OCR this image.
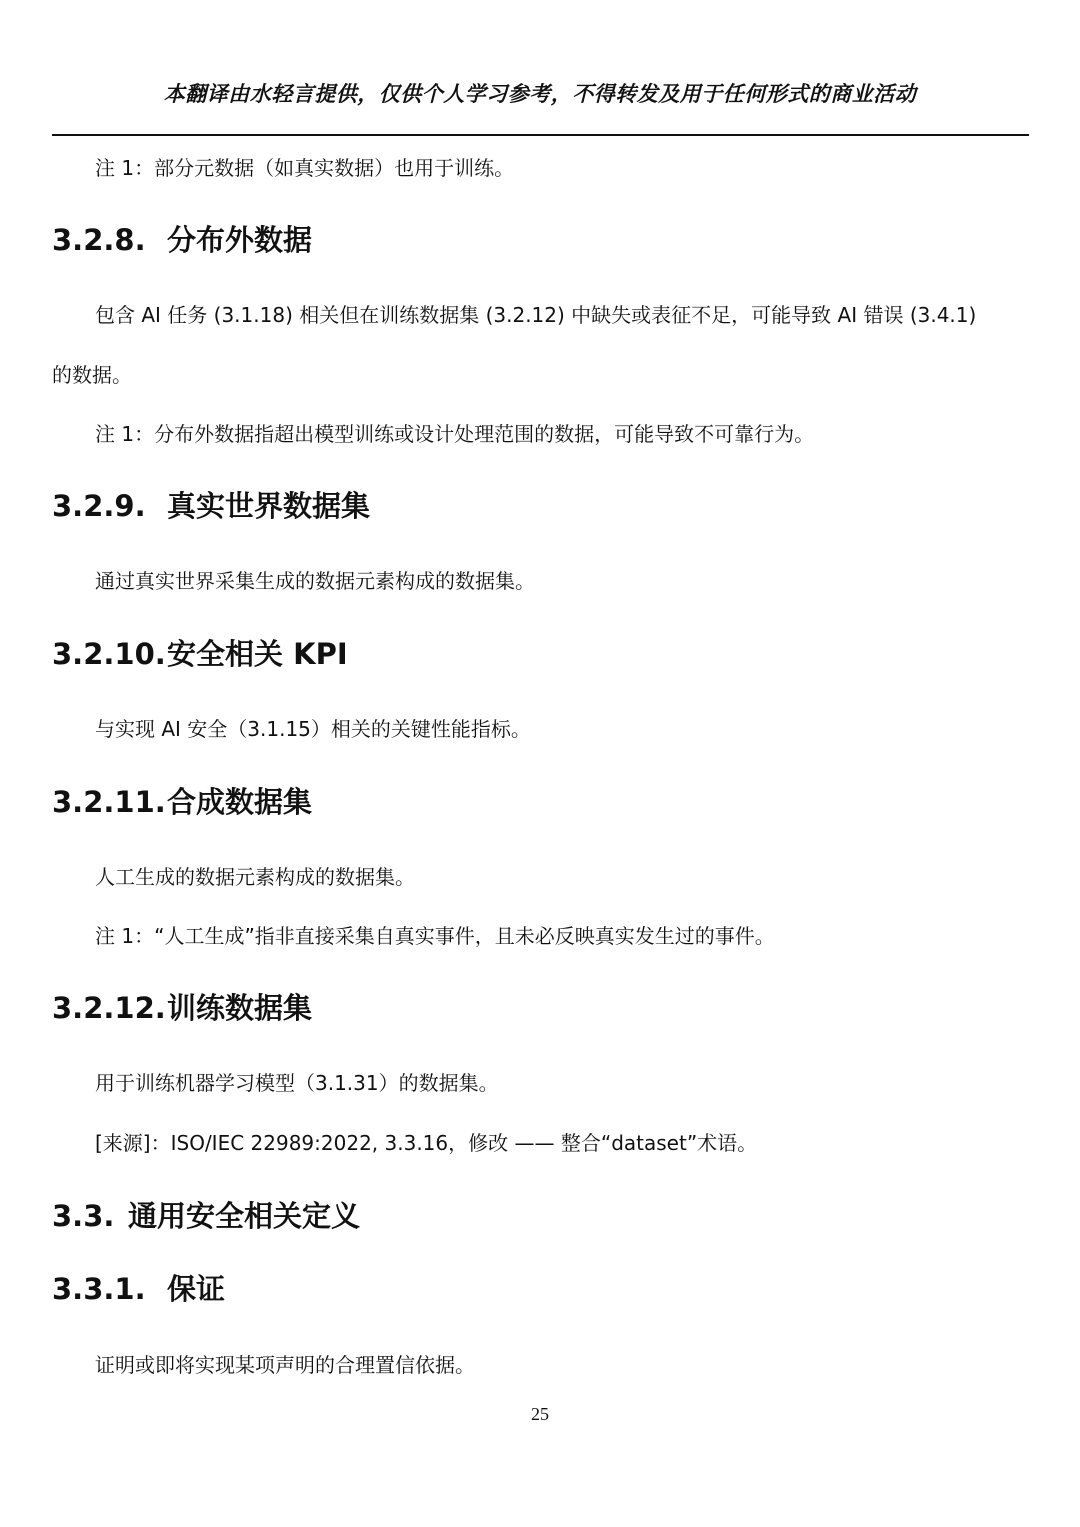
本翻译由水轻言提供，仅供个人学习参考，不得转发及用于任何形式的商业活动
注 1：部分元数据（如真实数据）也用于训练。
3.2.8. 分布外数据
包含 AI 任务 (3.1.18) 相关但在训练数据集 (3.2.12) 中缺失或表征不足，可能导致 AI 错误 (3.4.1)
的数据。
注 1：分布外数据指超出模型训练或设计处理范围的数据，可能导致不可靠行为。
3.2.9. 真实世界数据集
通过真实世界采集生成的数据元素构成的数据集。
3.2.10.安全相关 KPI
与实现 AI 安全（3.1.15）相关的关键性能指标。
3.2.11.合成数据集
人工生成的数据元素构成的数据集。
注 1：“人工生成”指非直接采集自真实事件，且未必反映真实发生过的事件。
3.2.12.训练数据集
用于训练机器学习模型（3.1.31）的数据集。
[来源]：ISO/IEC 22989:2022, 3.3.16，修改 —— 整合“dataset”术语。
3.3. 通用安全相关定义
3.3.1. 保证
证明或即将实现某项声明的合理置信依据。
25
